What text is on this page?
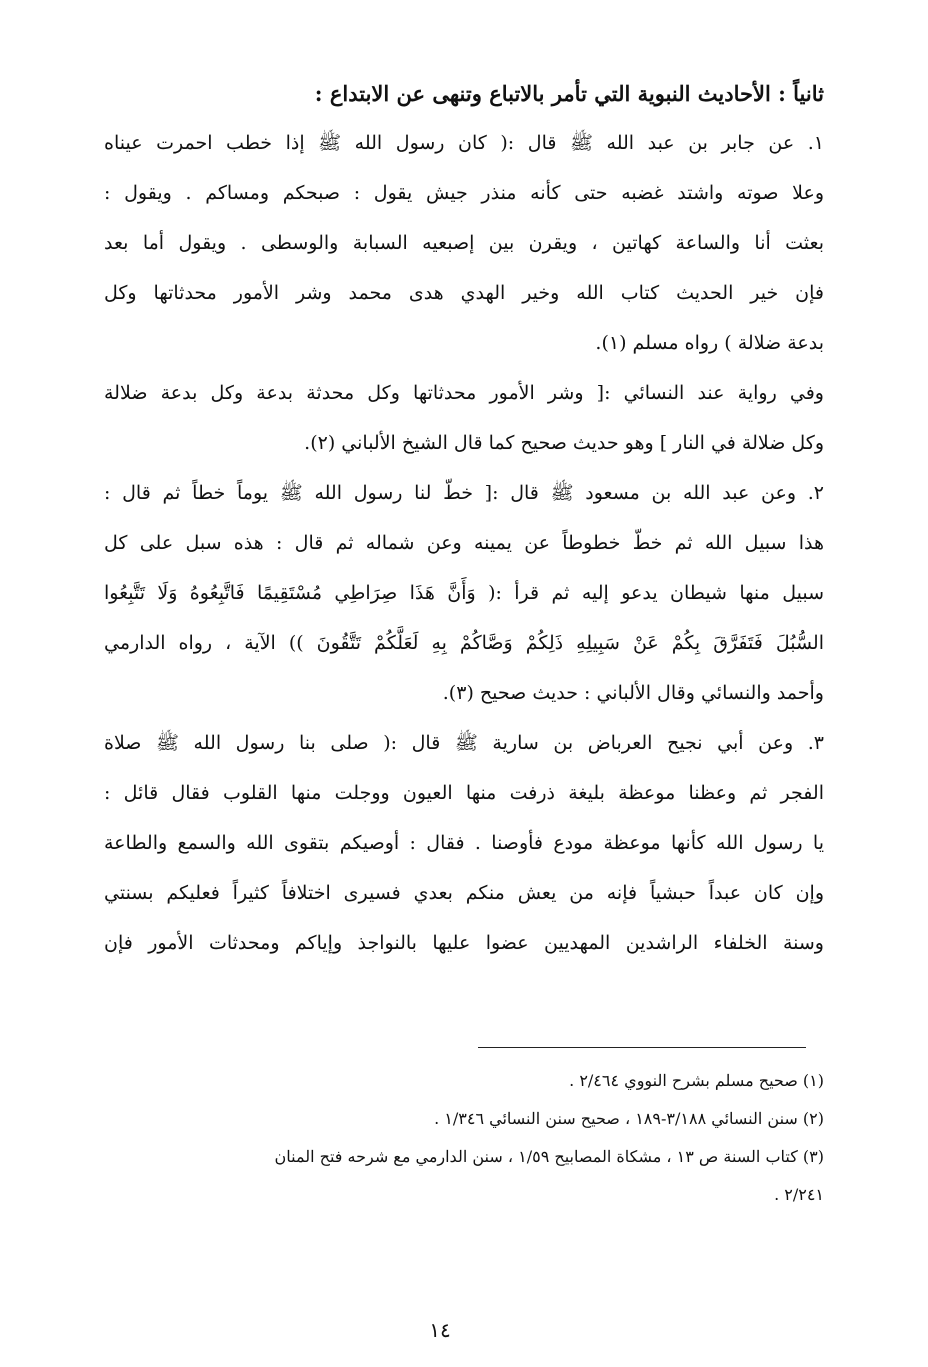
ثانياً : الأحاديث النبوية التي تأمر بالاتباع وتنهى عن الابتداع :
١. عن جابر بن عبد الله ﷺ قال :( كان رسول الله ﷺ إذا خطب احمرت عيناه
وعلا صوته واشتد غضبه حتى كأنه منذر جيش يقول : صبحكم ومساكم . ويقول :
بعثت أنا والساعة كهاتين ، ويقرن بين إصبعيه السبابة والوسطى . ويقول أما بعد
فإن خير الحديث كتاب الله وخير الهدي هدى محمد وشر الأمور محدثاتها وكل
بدعة ضلالة ) رواه مسلم (١).
وفي رواية عند النسائي :[ وشر الأمور محدثاتها وكل محدثة بدعة وكل بدعة ضلالة
وكل ضلالة في النار ] وهو حديث صحيح كما قال الشيخ الألباني (٢).
٢. وعن عبد الله بن مسعود ﷺ قال :[ خطّ لنا رسول الله ﷺ يوماً خطاً ثم قال :
هذا سبيل الله ثم خطّ خطوطاً عن يمينه وعن شماله ثم قال : هذه سبل على كل
سبيل منها شيطان يدعو إليه ثم قرأ :( وَأَنَّ هَذَا صِرَاطِي مُسْتَقِيمًا فَاتَّبِعُوهُ وَلَا تَتَّبِعُوا
السُّبُلَ فَتَفَرَّقَ بِكُمْ عَنْ سَبِيلِهِ ذَلِكُمْ وَصَّاكُمْ بِهِ لَعَلَّكُمْ تَتَّقُونَ )) الآية ، رواه الدارمي
وأحمد والنسائي وقال الألباني : حديث صحيح (٣).
٣. وعن أبي نجيح العرباض بن سارية ﷺ قال :( صلى بنا رسول الله ﷺ صلاة
الفجر ثم وعظنا موعظة بليغة ذرفت منها العيون ووجلت منها القلوب فقال قائل :
يا رسول الله كأنها موعظة مودع فأوصنا . فقال : أوصيكم بتقوى الله والسمع والطاعة
وإن كان عبداً حبشياً فإنه من يعش منكم بعدي فسيرى اختلافاً كثيراً فعليكم بسنتي
وسنة الخلفاء الراشدين المهديين عضوا عليها بالنواجذ وإياكم ومحدثات الأمور فإن
(١) صحيح مسلم بشرح النووي ٢/٤٦٤ .
(٢) سنن النسائي ٣/١٨٨-١٨٩ ، صحيح سنن النسائي ١/٣٤٦ .
(٣) كتاب السنة ص ١٣ ، مشكاة المصابيح ١/٥٩ ، سنن الدارمي مع شرحه فتح المنان
٢/٢٤١ .
١٤
